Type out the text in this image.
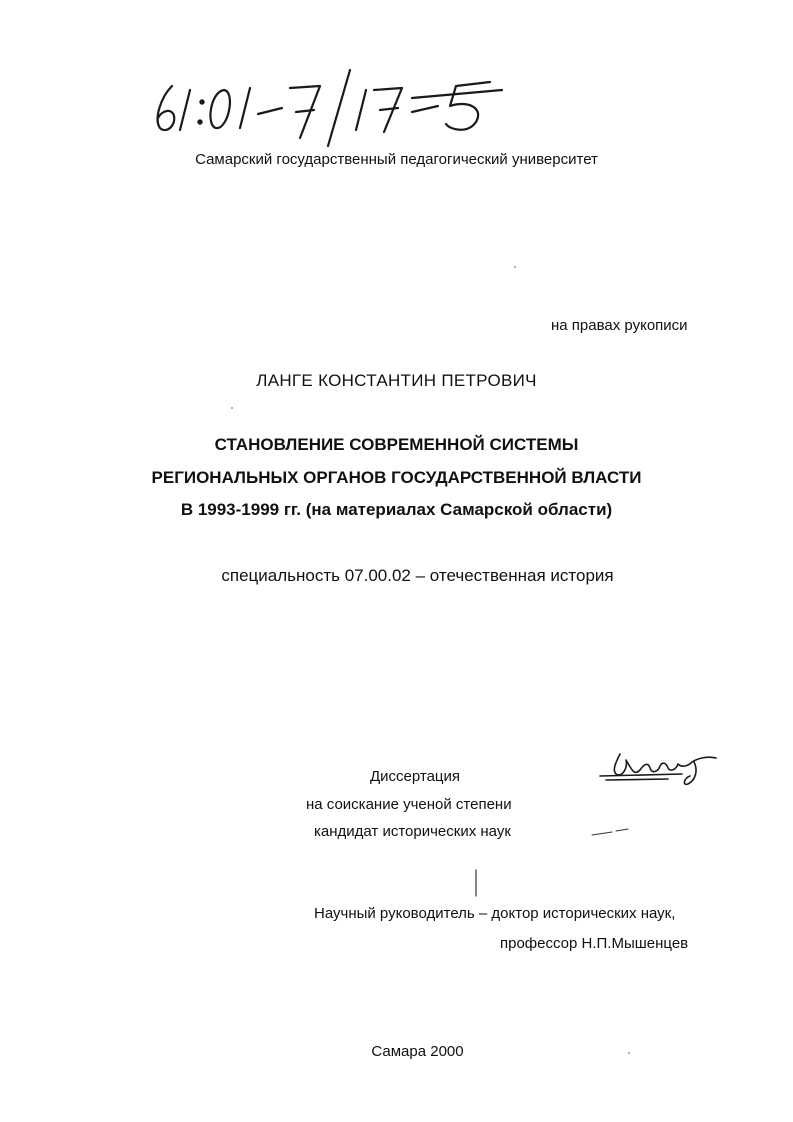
Самарский государственный педагогический университет
на правах рукописи
ЛАНГЕ КОНСТАНТИН ПЕТРОВИЧ
СТАНОВЛЕНИЕ СОВРЕМЕННОЙ СИСТЕМЫ
РЕГИОНАЛЬНЫХ ОРГАНОВ ГОСУДАРСТВЕННОЙ ВЛАСТИ
В 1993-1999 гг. (на материалах Самарской области)
специальность 07.00.02 – отечественная история
Диссертация
на соискание ученой степени
кандидат исторических наук
Научный руководитель – доктор исторических наук,
профессор Н.П.Мышенцев
Самара 2000
